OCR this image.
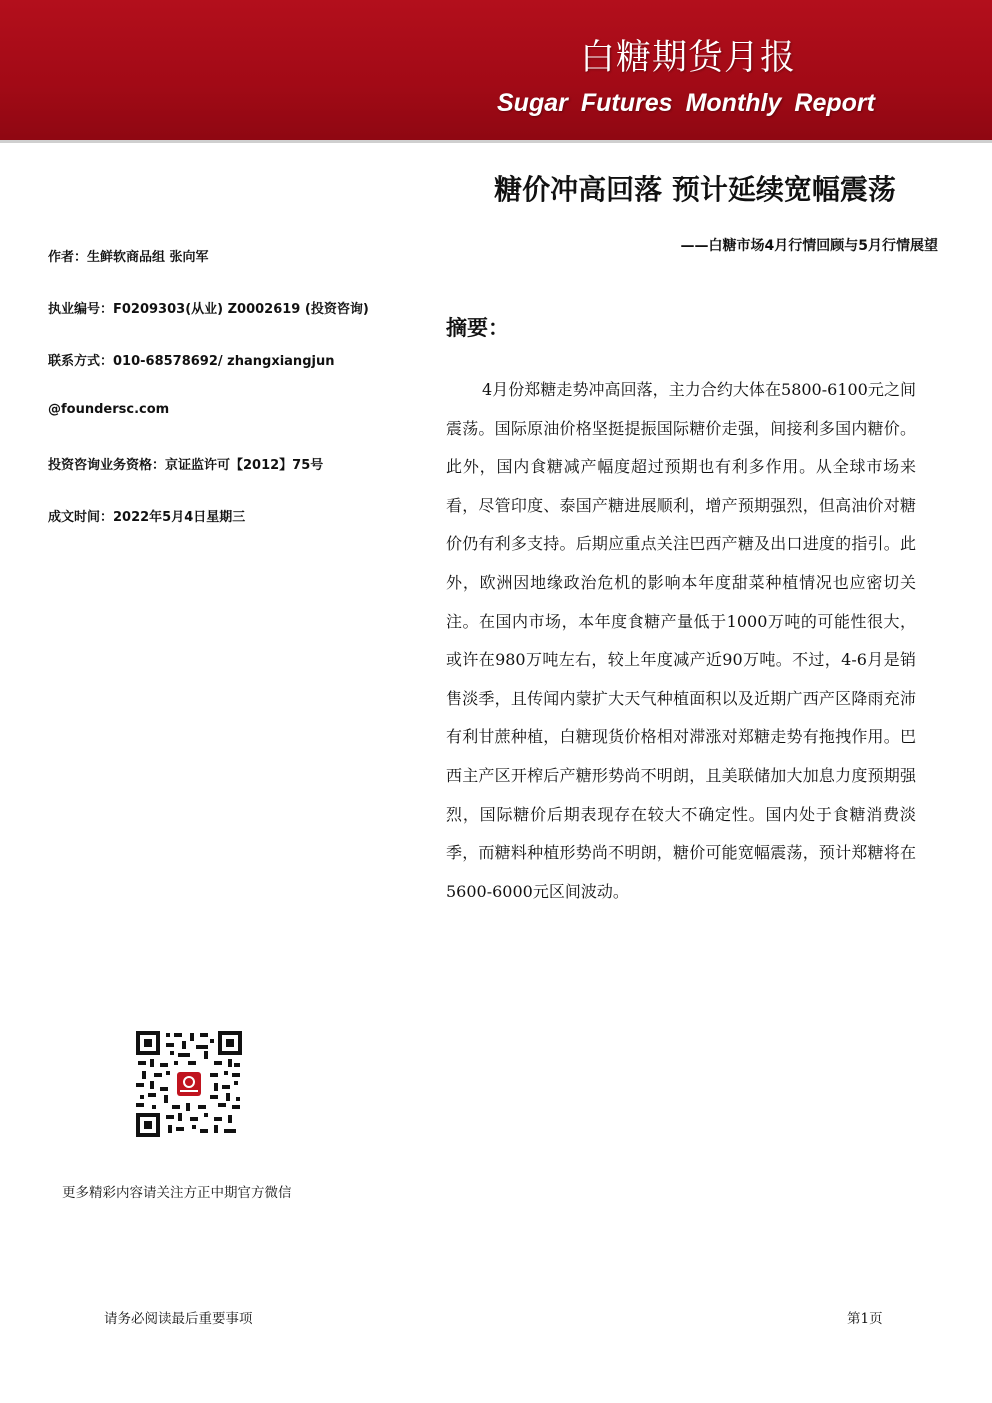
白糖期货月报
Sugar Futures Monthly Report
糖价冲高回落 预计延续宽幅震荡
——白糖市场4月行情回顾与5月行情展望
作者：生鲜软商品组 张向军
执业编号：F0209303(从业) Z0002619 (投资咨询)
联系方式：010-68578692/ zhangxiangjun
@foundersc.com
投资咨询业务资格：京证监许可【2012】75号
成文时间：2022年5月4日星期三
摘要：

4月份郑糖走势冲高回落，主力合约大体在5800-6100元之间震荡。国际原油价格坚挺提振国际糖价走强，间接利多国内糖价。此外，国内食糖减产幅度超过预期也有利多作用。从全球市场来看，尽管印度、泰国产糖进展顺利，增产预期强烈，但高油价对糖价仍有利多支持。后期应重点关注巴西产糖及出口进度的指引。此外，欧洲因地缘政治危机的影响本年度甜菜种植情况也应密切关注。在国内市场，本年度食糖产量低于1000万吨的可能性很大，或许在980万吨左右，较上年度减产近90万吨。不过，4-6月是销售淡季，且传闻内蒙扩大天气种植面积以及近期广西产区降雨充沛有利甘蔗种植，白糖现货价格相对滞涨对郑糖走势有拖拽作用。巴西主产区开榨后产糖形势尚不明朗，且美联储加大加息力度预期强烈，国际糖价后期表现存在较大不确定性。国内处于食糖消费淡季，而糖料种植形势尚不明朗，糖价可能宽幅震荡，预计郑糖将在5600-6000元区间波动。

更多精彩内容请关注方正中期官方微信
请务必阅读最后重要事项	第1页
